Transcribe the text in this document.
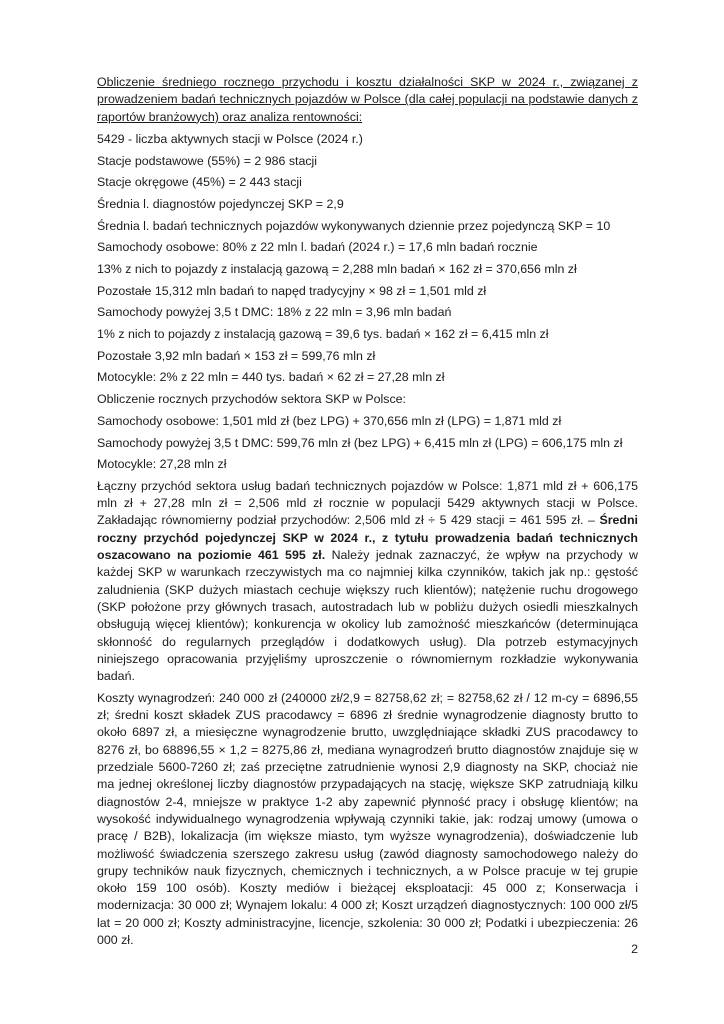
Obliczenie średniego rocznego przychodu i kosztu działalności SKP w 2024 r., związanej z prowadzeniem badań technicznych pojazdów w Polsce (dla całej populacji na podstawie danych z raportów branżowych) oraz analiza rentowności:

5429 - liczba aktywnych stacji w Polsce (2024 r.)
Stacje podstawowe (55%) = 2 986 stacji
Stacje okręgowe (45%) = 2 443 stacji
Średnia l. diagnostów pojedynczej SKP = 2,9
Średnia l. badań technicznych pojazdów wykonywanych dziennie przez pojedynczą SKP = 10
Samochody osobowe: 80% z 22 mln l. badań (2024 r.) = 17,6 mln badań rocznie
13% z nich to pojazdy z instalacją gazową = 2,288 mln badań × 162 zł = 370,656 mln zł
Pozostałe 15,312 mln badań to napęd tradycyjny × 98 zł = 1,501 mld zł
Samochody powyżej 3,5 t DMC: 18% z 22 mln = 3,96 mln badań
1% z nich to pojazdy z instalacją gazową = 39,6 tys. badań × 162 zł = 6,415 mln zł
Pozostałe 3,92 mln badań × 153 zł = 599,76 mln zł
Motocykle: 2% z 22 mln = 440 tys. badań × 62 zł = 27,28 mln zł
Obliczenie rocznych przychodów sektora SKP w Polsce:
Samochody osobowe: 1,501 mld zł (bez LPG) + 370,656 mln zł (LPG) = 1,871 mld zł
Samochody powyżej 3,5 t DMC: 599,76 mln zł (bez LPG) + 6,415 mln zł (LPG) = 606,175 mln zł
Motocykle: 27,28 mln zł

Łączny przychód sektora usług badań technicznych pojazdów w Polsce: 1,871 mld zł + 606,175 mln zł + 27,28 mln zł = 2,506 mld zł rocznie w populacji 5429 aktywnych stacji w Polsce. Zakładając równomierny podział przychodów: 2,506 mld zł ÷ 5 429 stacji = 461 595 zł. – Średni roczny przychód pojedynczej SKP w 2024 r., z tytułu prowadzenia badań technicznych oszacowano na poziomie 461 595 zł. Należy jednak zaznaczyć, że wpływ na przychody w każdej SKP w warunkach rzeczywistych ma co najmniej kilka czynników, takich jak np.: gęstość zaludnienia (SKP dużych miastach cechuje większy ruch klientów); natężenie ruchu drogowego (SKP położone przy głównych trasach, autostradach lub w pobliżu dużych osiedli mieszkalnych obsługują więcej klientów); konkurencja w okolicy lub zamożność mieszkańców (determinująca skłonność do regularnych przeglądów i dodatkowych usług). Dla potrzeb estymacyjnych niniejszego opracowania przyjęliśmy uproszczenie o równomiernym rozkładzie wykonywania badań.

Koszty wynagrodzeń: 240 000 zł (240000 zł/2,9 = 82758,62 zł; = 82758,62 zł / 12 m-cy = 6896,55 zł; średni koszt składek ZUS pracodawcy = 6896 zł średnie wynagrodzenie diagnosty brutto to około 6897 zł, a miesięczne wynagrodzenie brutto, uwzględniające składki ZUS pracodawcy to 8276 zł, bo 68896,55 × 1,2 = 8275,86 zł, mediana wynagrodzeń brutto diagnostów znajduje się w przedziale 5600-7260 zł; zaś przeciętne zatrudnienie wynosi 2,9 diagnosty na SKP, chociaż nie ma jednej określonej liczby diagnostów przypadających na stację, większe SKP zatrudniają kilku diagnostów 2-4, mniejsze w praktyce 1-2 aby zapewnić płynność pracy i obsługę klientów; na wysokość indywidualnego wynagrodzenia wpływają czynniki takie, jak: rodzaj umowy (umowa o pracę / B2B), lokalizacja (im większe miasto, tym wyższe wynagrodzenia), doświadczenie lub możliwość świadczenia szerszego zakresu usług (zawód diagnosty samochodowego należy do grupy techników nauk fizycznych, chemicznych i technicznych, a w Polsce pracuje w tej grupie około 159 100 osób). Koszty mediów i bieżącej eksploatacji: 45 000 z; Konserwacja i modernizacja: 30 000 zł; Wynajem lokalu: 4 000 zł; Koszt urządzeń diagnostycznych: 100 000 zł/5 lat = 20 000 zł; Koszty administracyjne, licencje, szkolenia: 30 000 zł; Podatki i ubezpieczenia: 26 000 zł.

2
